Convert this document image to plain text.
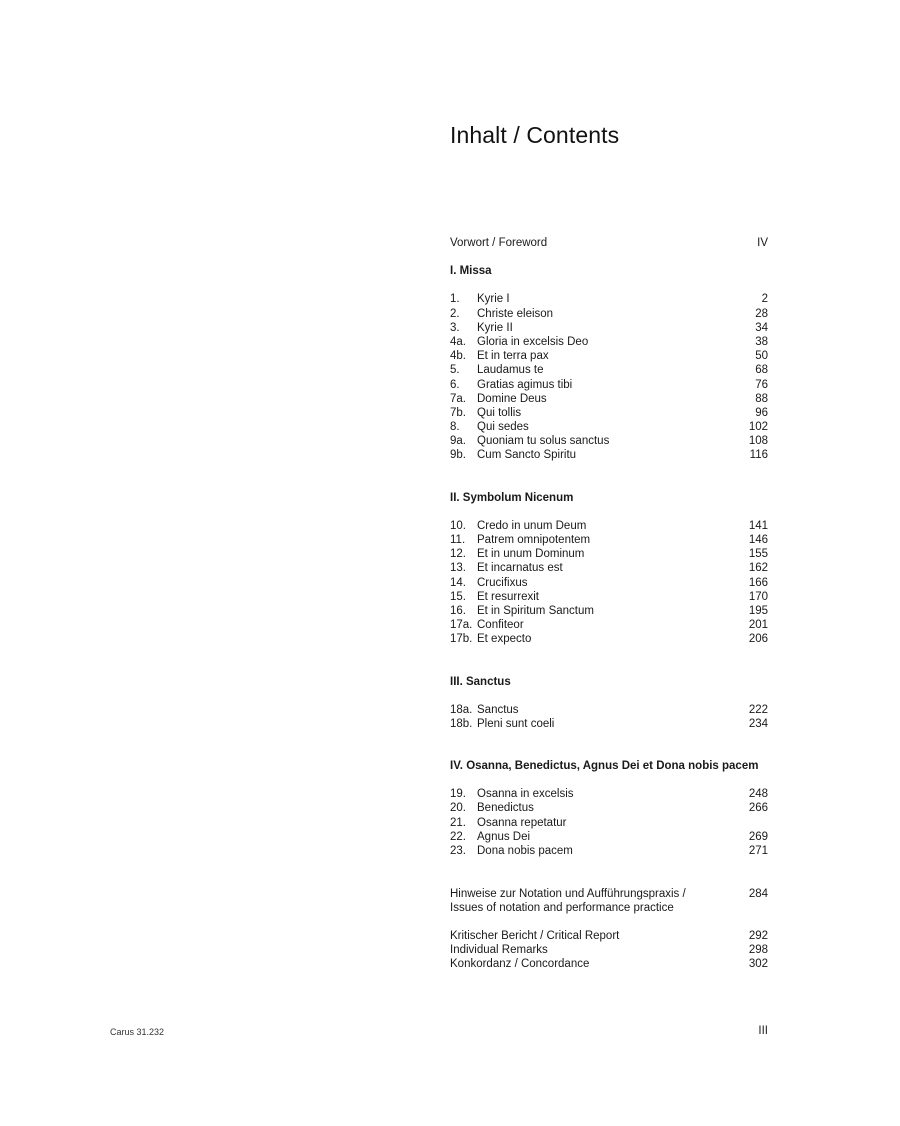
Inhalt / Contents
Vorwort / Foreword	IV
I. Missa
1.	Kyrie I	2
2.	Christe eleison	28
3.	Kyrie II	34
4a. Gloria in excelsis Deo	38
4b. Et in terra pax	50
5.	Laudamus te	68
6.	Gratias agimus tibi	76
7a. Domine Deus	88
7b. Qui tollis	96
8.	Qui sedes	102
9a. Quoniam tu solus sanctus	108
9b. Cum Sancto Spiritu	116
II. Symbolum Nicenum
10. Credo in unum Deum	141
11.	Patrem omnipotentem	146
12. Et in unum Dominum	155
13. Et incarnatus est	162
14. Crucifixus	166
15. Et resurrexit	170
16. Et in Spiritum Sanctum	195
17a. Confiteor	201
17b. Et expecto	206
III. Sanctus
18a. Sanctus	222
18b. Pleni sunt coeli	234
IV. Osanna, Benedictus, Agnus Dei et Dona nobis pacem
19. Osanna in excelsis	248
20. Benedictus	266
21. Osanna repetatur
22. Agnus Dei	269
23. Dona nobis pacem	271
Hinweise zur Notation und Aufführungspraxis /
Issues of notation and performance practice
284
Kritischer Bericht / Critical Report	292
Individual Remarks	298
Konkordanz / Concordance	302
Carus 31.232	III
